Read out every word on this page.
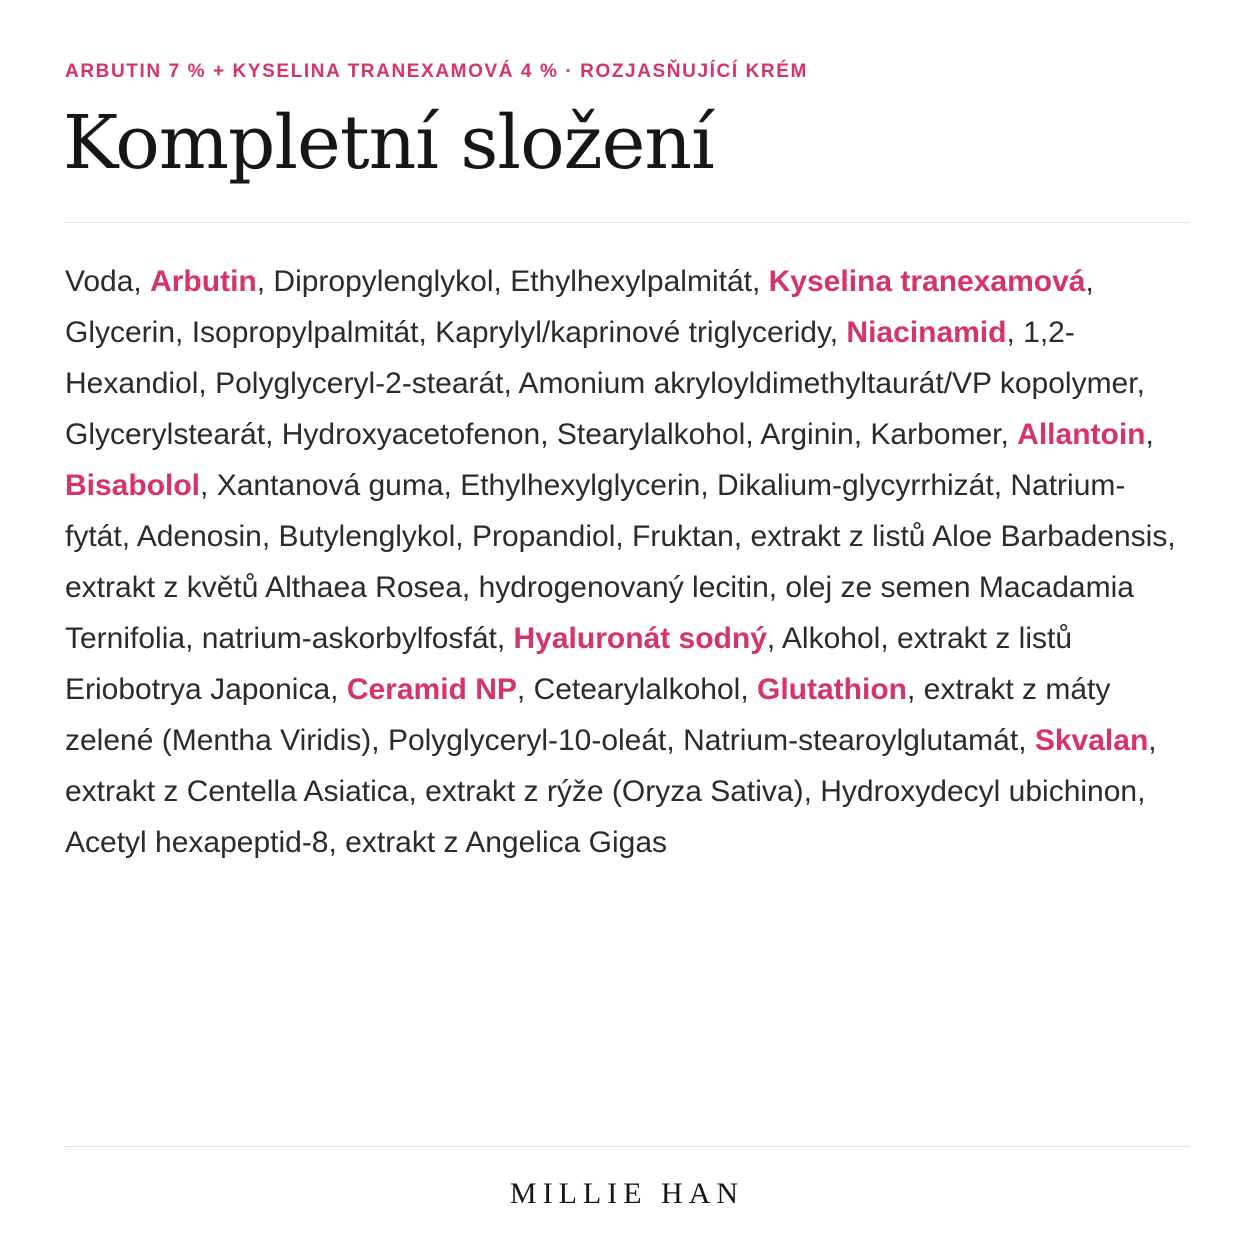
ARBUTIN 7 % + KYSELINA TRANEXAMOVÁ 4 % · ROZJASŇUJÍCÍ KRÉM
Kompletní složení

Voda, Arbutin, Dipropylenglykol, Ethylhexylpalmitát, Kyselina tranexamová, Glycerin, Isopropylpalmitát, Kaprylyl/kaprinové triglyceridy, Niacinamid, 1,2-Hexandiol, Polyglyceryl-2-stearát, Amonium akryloyldimethyltaurát/VP kopolymer, Glycerylstearát, Hydroxyacetofenon, Stearylalkohol, Arginin, Karbomer, Allantoin, Bisabolol, Xantanová guma, Ethylhexylglycerin, Dikalium-glycyrrhizát, Natrium-fytát, Adenosin, Butylenglykol, Propandiol, Fruktan, extrakt z listů Aloe Barbadensis, extrakt z květů Althaea Rosea, hydrogenovaný lecitin, olej ze semen Macadamia Ternifolia, natrium-askorbylfosfát, Hyaluronát sodný, Alkohol, extrakt z listů Eriobotrya Japonica, Ceramid NP, Cetearylalkohol, Glutathion, extrakt z máty zelené (Mentha Viridis), Polyglyceryl-10-oleát, Natrium-stearoylglutamát, Skvalan, extrakt z Centella Asiatica, extrakt z rýže (Oryza Sativa), Hydroxydecyl ubichinon, Acetyl hexapeptid-8, extrakt z Angelica Gigas

MILLIE HAN
